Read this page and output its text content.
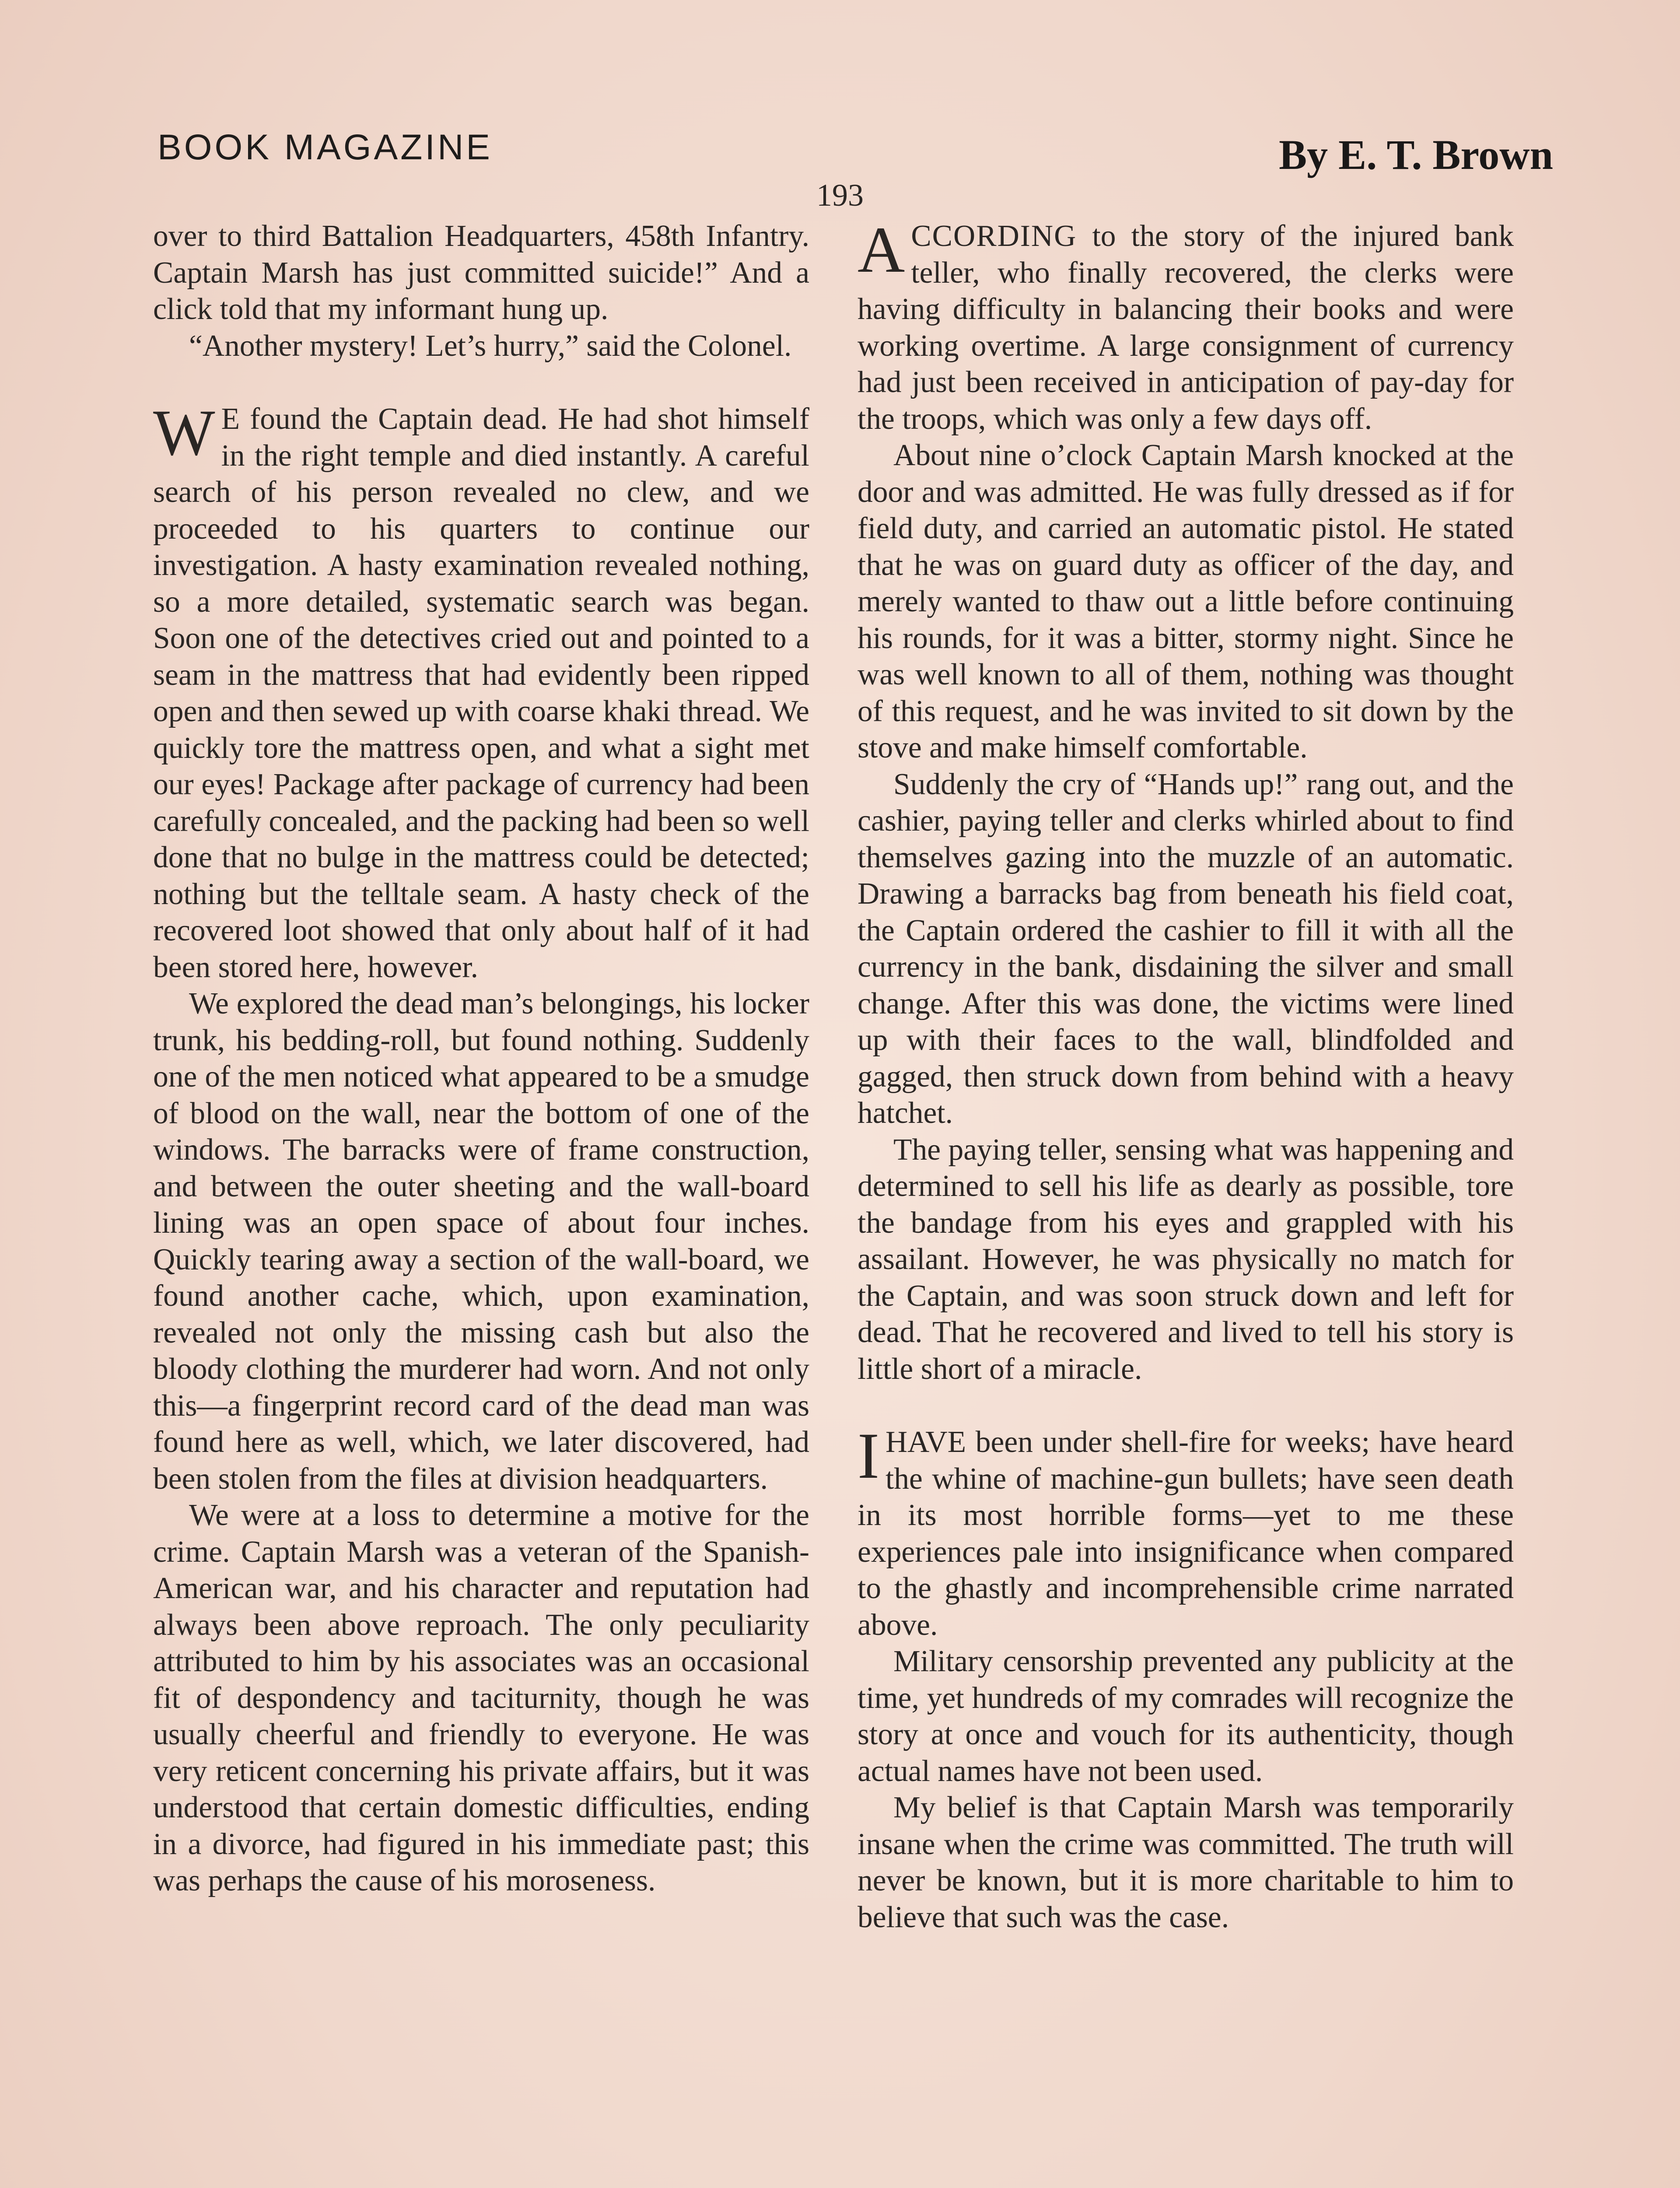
BOOK MAGAZINE	By E. T. Brown
193

over to third Battalion Headquarters, 458th Infantry. Captain Marsh has just committed suicide!” And a click told that my informant hung up.

“Another mystery! Let’s hurry,” said the Colonel.

W E found the Captain dead. He had shot himself in the right temple and died instantly. A careful search of his person revealed no clew, and we proceeded to his quarters to continue our investigation. A hasty examination revealed nothing, so a more detailed, systematic search was began. Soon one of the detectives cried out and pointed to a seam in the mattress that had evidently been ripped open and then sewed up with coarse khaki thread. We quickly tore the mattress open, and what a sight met our eyes! Package after package of currency had been carefully concealed, and the packing had been so well done that no bulge in the mattress could be detected; nothing but the telltale seam. A hasty check of the recovered loot showed that only about half of it had been stored here, however.

We explored the dead man’s belongings, his locker trunk, his bedding-roll, but found nothing. Suddenly one of the men noticed what appeared to be a smudge of blood on the wall, near the bottom of one of the windows. The barracks were of frame construction, and between the outer sheeting and the wall-board lining was an open space of about four inches. Quickly tearing away a section of the wall-board, we found another cache, which, upon examination, revealed not only the missing cash but also the bloody clothing the murderer had worn. And not only this—a fingerprint record card of the dead man was found here as well, which, we later discovered, had been stolen from the files at division headquarters.

We were at a loss to determine a motive for the crime. Captain Marsh was a veteran of the Spanish-American war, and his character and reputation had always been above reproach. The only peculiarity attributed to him by his associates was an occasional fit of despondency and taciturnity, though he was usually cheerful and friendly to everyone. He was very reticent concerning his private affairs, but it was understood that certain domestic difficulties, ending in a divorce, had figured in his immediate past; this was perhaps the cause of his moroseness.

ACCORDING to the story of the injured bank teller, who finally recovered, the clerks were having difficulty in balancing their books and were working overtime. A large consignment of currency had just been received in anticipation of pay-day for the troops, which was only a few days off.

About nine o’clock Captain Marsh knocked at the door and was admitted. He was fully dressed as if for field duty, and carried an automatic pistol. He stated that he was on guard duty as officer of the day, and merely wanted to thaw out a little before continuing his rounds, for it was a bitter, stormy night. Since he was well known to all of them, nothing was thought of this request, and he was invited to sit down by the stove and make himself comfortable.

Suddenly the cry of “Hands up!” rang out, and the cashier, paying teller and clerks whirled about to find themselves gazing into the muzzle of an automatic. Drawing a barracks bag from beneath his field coat, the Captain ordered the cashier to fill it with all the currency in the bank, disdaining the silver and small change. After this was done, the victims were lined up with their faces to the wall, blindfolded and gagged, then struck down from behind with a heavy hatchet.

The paying teller, sensing what was happening and determined to sell his life as dearly as possible, tore the bandage from his eyes and grappled with his assailant. However, he was physically no match for the Captain, and was soon struck down and left for dead. That he recovered and lived to tell his story is little short of a miracle.

I HAVE been under shell-fire for weeks; have heard the whine of machine-gun bullets; have seen death in its most horrible forms—yet to me these experiences pale into insignificance when compared to the ghastly and incomprehensible crime narrated above.

Military censorship prevented any publicity at the time, yet hundreds of my comrades will recognize the story at once and vouch for its authenticity, though actual names have not been used.

My belief is that Captain Marsh was temporarily insane when the crime was committed. The truth will never be known, but it is more charitable to him to believe that such was the case.
